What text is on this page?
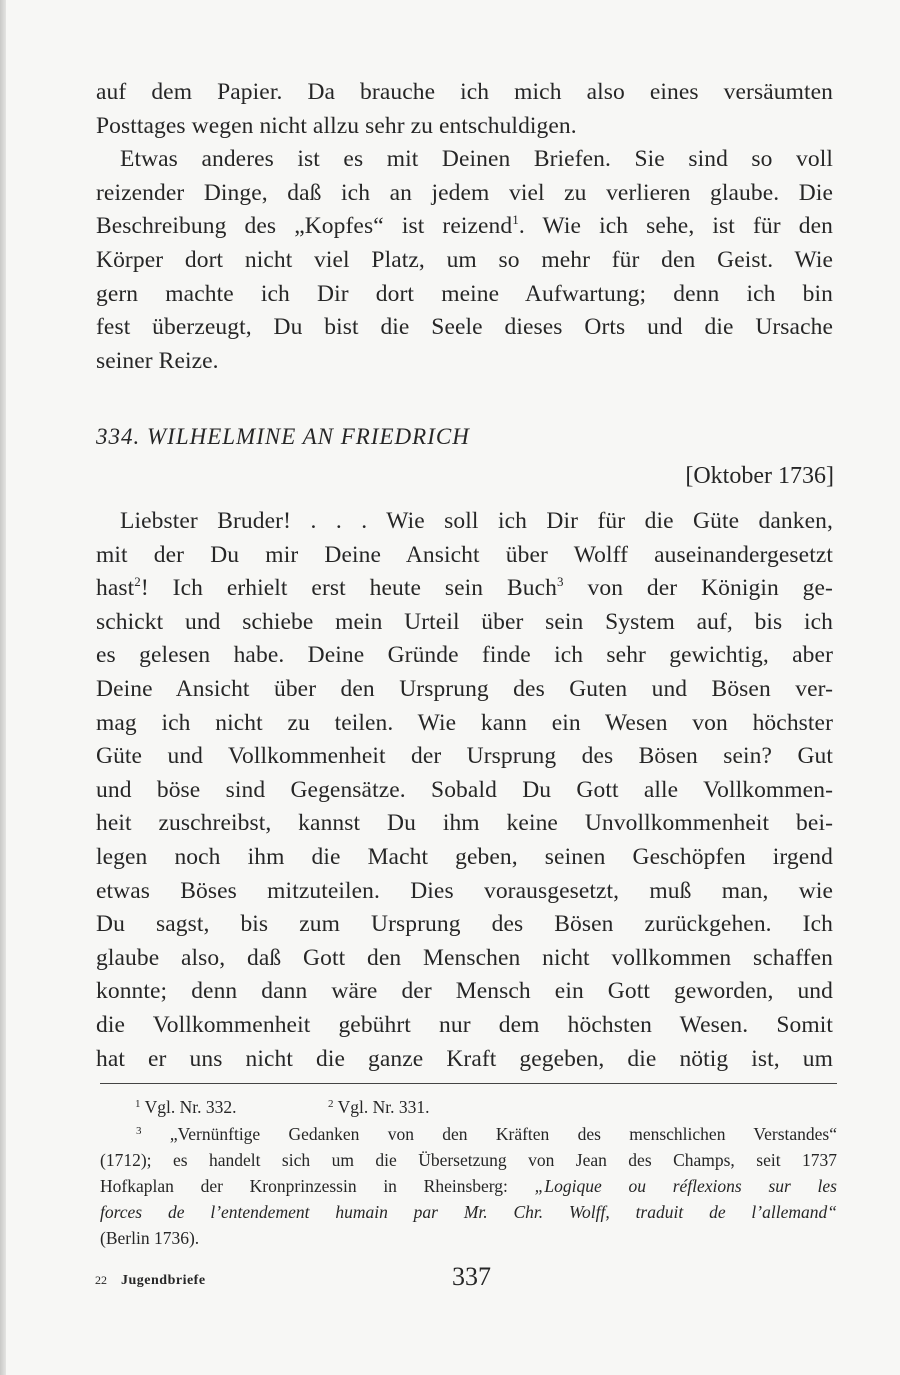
auf dem Papier. Da brauche ich mich also eines versäumten
Posttages wegen nicht allzu sehr zu entschuldigen.
Etwas anderes ist es mit Deinen Briefen. Sie sind so voll
reizender Dinge, daß ich an jedem viel zu verlieren glaube. Die
Beschreibung des „Kopfes“ ist reizend$^1$. Wie ich sehe, ist für den
Körper dort nicht viel Platz, um so mehr für den Geist. Wie
gern machte ich Dir dort meine Aufwartung; denn ich bin
fest überzeugt, Du bist die Seele dieses Orts und die Ursache
seiner Reize.
334. WILHELMINE AN FRIEDRICH
[Oktober 1736]
Liebster Bruder! . . . Wie soll ich Dir für die Güte danken,
mit der Du mir Deine Ansicht über Wolff auseinandergesetzt
hast$^2$! Ich erhielt erst heute sein Buch$^3$ von der Königin ge-
schickt und schiebe mein Urteil über sein System auf, bis ich
es gelesen habe. Deine Gründe finde ich sehr gewichtig, aber
Deine Ansicht über den Ursprung des Guten und Bösen ver-
mag ich nicht zu teilen. Wie kann ein Wesen von höchster
Güte und Vollkommenheit der Ursprung des Bösen sein? Gut
und böse sind Gegensätze. Sobald Du Gott alle Vollkommen-
heit zuschreibst, kannst Du ihm keine Unvollkommenheit bei-
legen noch ihm die Macht geben, seinen Geschöpfen irgend
etwas Böses mitzuteilen. Dies vorausgesetzt, muß man, wie
Du sagst, bis zum Ursprung des Bösen zurückgehen. Ich
glaube also, daß Gott den Menschen nicht vollkommen schaffen
konnte; denn dann wäre der Mensch ein Gott geworden, und
die Vollkommenheit gebührt nur dem höchsten Wesen. Somit
hat er uns nicht die ganze Kraft gegeben, die nötig ist, um
$^1$ Vgl. Nr. 332.	$^2$ Vgl. Nr. 331.
$^3$ „Vernünftige Gedanken von den Kräften des menschlichen Verstandes“
(1712); es handelt sich um die Übersetzung von Jean des Champs, seit 1737
Hofkaplan der Kronprinzessin in Rheinsberg: „Logique ou réflexions sur les
forces de l’entendement humain par Mr. Chr. Wolff, traduit de l’allemand“
(Berlin 1736).
22 Jugendbriefe	337
